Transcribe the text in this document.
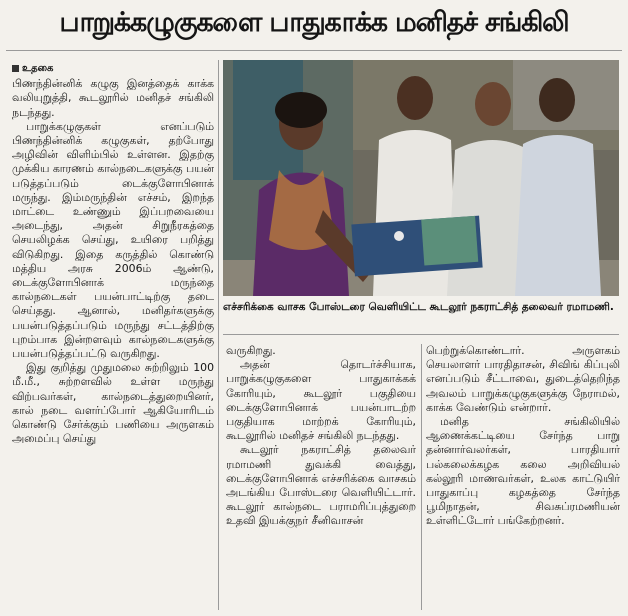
பாறுக்கழுகுகளை பாதுகாக்க மனிதச் சங்கிலி
உதகை

பிணந்தின்னிக் கழுகு இனத்தைக் காக்க வலியுறுத்தி, கூடலூரில் மனிதச் சங்கிலி நடந்தது.

பாறுக்கழுகுகள் எனப்படும் பிணந்தின்னிக் கழுகுகள், தற்போது அழிவின் விளிம்பில் உள்ளன. இதற்கு முக்கிய காரணம் கால்நடைகளுக்கு பயன் படுத்தப்படும் டைக்குளோபினாக் மருந்து. இம்மருந்தின் எச்சம், இறந்த மாட்டை உண்ணும் இப்பறவையை அடைந்து, அதன் சிறுநீரகத்தை செயலிழக்க செய்து, உயிரை பறித்து விடுகிறது. இதை கருத்தில் கொண்டு மத்திய அரசு 2006ம் ஆண்டு, டைக்குளோபினாக் மருந்தை கால்நடைகள் பயன்பாட்டிற்கு தடை செய்தது. ஆனால், மனிதர்களுக்கு பயன்படுத்தப்படும் மருந்து சட்டத்திற்கு புறம்பாக இன்றளவும் கால்நடைகளுக்கு பயன்படுத்தப்பட்டு வருகிறது.

இது குறித்து முதுமலை சுற்றிலும் 100 மீ.மீ., சுற்றளவில் உள்ள மருந்து விற்பவர்கள், கால்நடைத்துறையினர், கால் நடை வளர்ப்போர் ஆகியோரிடம் கொண்டு சேர்க்கும் பணியை அருளகம் அமைப்பு செய்து

எச்சரிக்கை வாசக போஸ்டரை வெளியிட்ட கூடலூர் நகராட்சித் தலைவர் ரமாமணி.

வருகிறது.

அதன் தொடர்ச்சியாக, பாறுக்கழுகுகளை பாதுகாக்கக் கோரியும், கூடலூர் பகுதியை டைக்குளோபினாக் பயன்பாடற்ற பகுதியாக மாற்றக் கோரியும், கூடலூரில் மனிதச் சங்கிலி நடந்தது.

கூடலூர் நகராட்சித் தலைவர் ரமாமணி துவக்கி வைத்து, டைக்குளோபினாக் எச்சரிக்கை வாசகம் அடங்கிய போஸ்டரை வெளியிட்டார். கூடலூர் கால்நடை பராமரிப்புத்துறை உதவி இயக்குநர் சீனிவாசன்

பெற்றுக்கொண்டார். அருளகம் செயலாளர் பாரதிதாசன், சிவிங் கிப்புலி எனப்படும் சீட்டாவை, துடைத்தெறிந்த அவலம் பாறுக்கழுகுகளுக்கு நேராமல், காக்க வேண்டும் என்றார்.

மனித சங்கிலியில் ஆணைக்கட்டியை சேர்ந்த பாறு தன்னார்வலர்கள், பாரதியார் பல்கலைக்கழக கலை அறிவியல் கல்லூரி மாணவர்கள், உலக காட்டுயிர் பாதுகாப்பு கழகத்தை சேர்ந்த பூமிநாதன், சிவசுப்ரமணியன் உள்ளிட்டோர் பங்கேற்றனர்.
